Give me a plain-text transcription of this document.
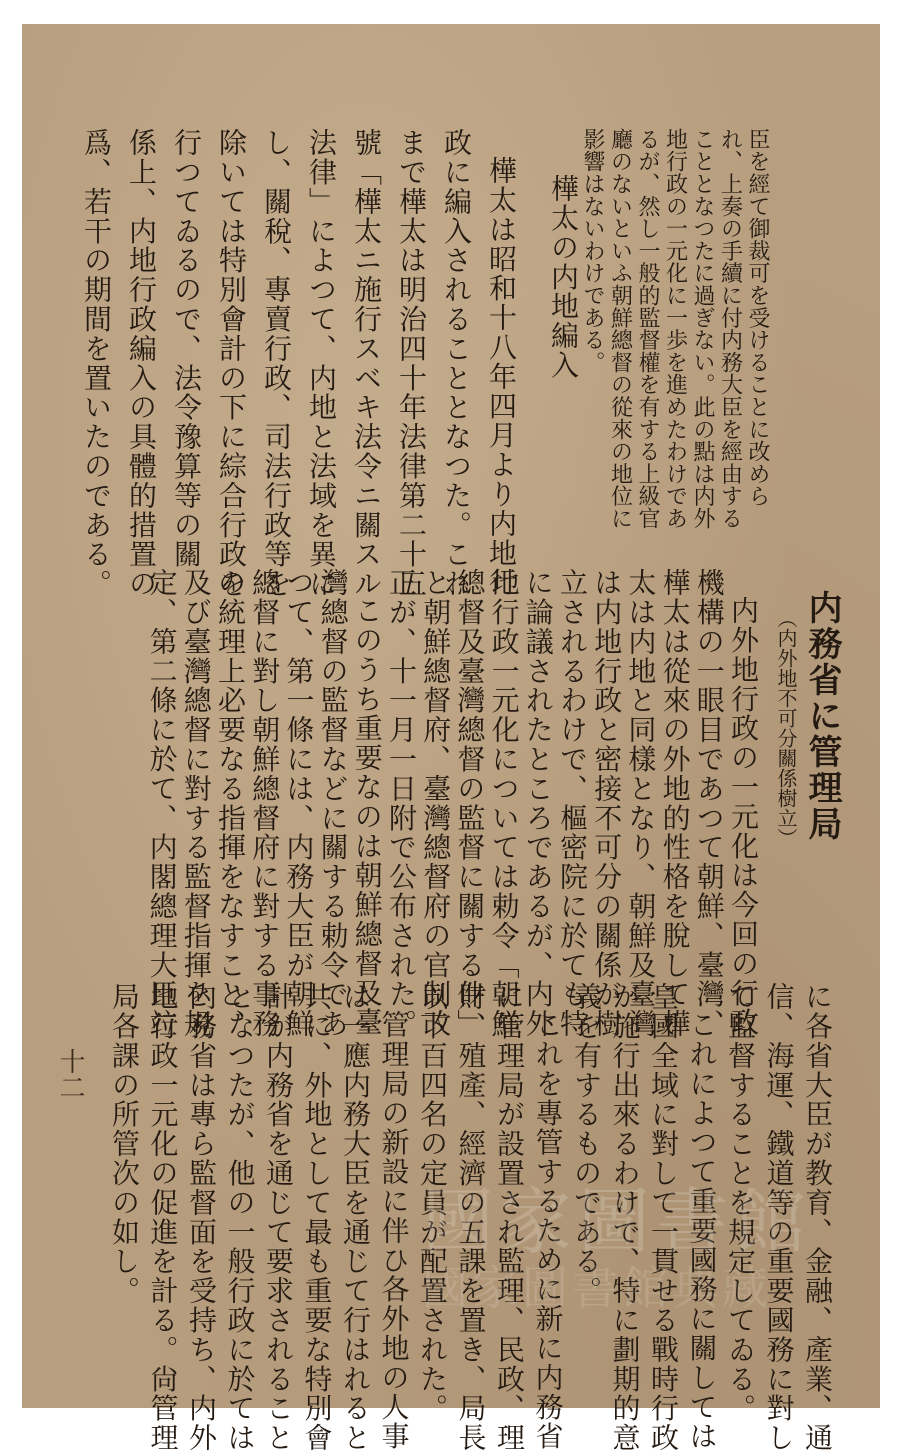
臣を經て御裁可を受けることに改めら
れ、上奏の手續に付内務大臣を經由する
こととなつたに過ぎない。此の點は内外
地行政の一元化に一歩を進めたわけであ
るが、然し一般的監督權を有する上級官
廳のないといふ朝鮮總督の從來の地位に
影響はないわけである。
樺太の内地編入
樺太は昭和十八年四月より内地行
政に編入されることとなつた。これ
まで樺太は明治四十年法律第二十五
號「樺太ニ施行スベキ法令ニ關スル
法律」によつて、内地と法域を異に
し、關稅、專賣行政、司法行政等を
除いては特別會計の下に綜合行政を
行つてゐるので、法令豫算等の關
係上、内地行政編入の具體的措置の
爲、若干の期間を置いたのである。
内務省に管理局
（内外地不可分關係樹立）
内外地行政の一元化は今回の行政
機構の一眼目であつて朝鮮、臺灣、
樺太は從來の外地的性格を脫して樺
太は内地と同樣となり、朝鮮及臺灣
は内地行政と密接不可分の關係が樹
立されるわけで、樞密院に於ても特
に論議されたところであるが、内外
地行政一元化については勅令「朝鮮
總督及臺灣總督の監督に關する件」
と朝鮮總督府、臺灣總督府の官制改
正が、十一月一日附で公布された。
このうち重要なのは朝鮮總督及臺
灣總督の監督などに關する勅令であ
つて、第一條には、内務大臣が朝鮮
總督に對し朝鮮總督府に對する事務
の統理上必要なる指揮をなすこと、
及び臺灣總督に對する監督指揮を規
定、第二條に於て、内閣總理大臣竝
に各省大臣が教育、金融、產業、通
信、海運、鐵道等の重要國務に對し
て監督することを規定してゐる。
これによつて重要國務に關しては
皇國全域に對して一貫せる戰時行政
が施行出來るわけで、特に劃期的意
義を有するものである。
これを專管するために新に内務省
に管理局が設置され監理、民政、理
財、殖產、經濟の五課を置き、局長
以下百四名の定員が配置された。
管理局の新設に伴ひ各外地の人事
は一應内務大臣を通じて行はれると
共に、外地として最も重要な特別會
計が内務省を通じて要求されること
となつたが、他の一般行政に於ては
内務省は專ら監督面を受持ち、内外
地行政一元化の促進を計る。尙管理
局各課の所管次の如し。
十二
國家圖書館
國家圖書館典藏
